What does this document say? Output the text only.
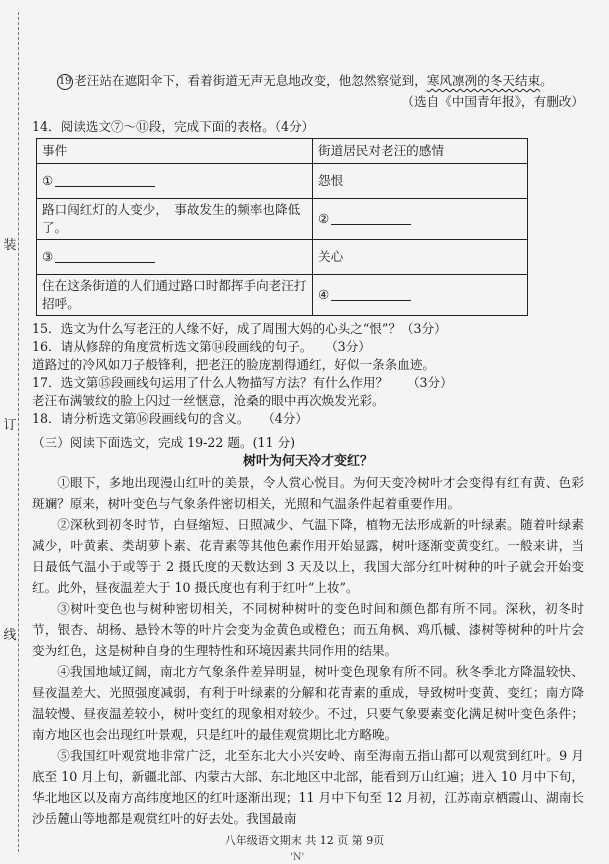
装
订
线

19 老汪站在遮阳伞下，看着街道无声无息地改变，他忽然察觉到，寒风凛冽的冬天结束。

（选自《中国青年报》，有删改）

14．阅读选文⑦～⑪段，完成下面的表格。（4分）

事件	街道居民对老汪的感情
①	怨恨
路口闯红灯的人变少，　事故发生的频率也降低了。	②
③	关心
住在这条街道的人们通过路口时都挥手向老汪打招呼。	④

15．选文为什么写老汪的人缘不好，成了周围大妈的心头之“恨”？（3分）

16．请从修辞的角度赏析选文第⑭段画线的句子。　　（3分）

道路过的冷风如刀子般锋利，把老汪的脸庞割得通红，好似一条条血迹。

17．选文第⑮段画线句运用了什么人物描写方法？有什么作用？　　（3分）

老汪布满皱纹的脸上闪过一丝惬意，沧桑的眼中再次焕发光彩。

18．请分析选文第⑯段画线句的含义。　　（4分）

（三）阅读下面选文，完成 19-22 题。(11 分)

树叶为何天冷才变红？

①眼下，多地出现漫山红叶的美景，令人赏心悦目。为何天变冷树叶才会变得有红有黄、色彩斑斓？原来，树叶变色与气象条件密切相关，光照和气温条件起着重要作用。

②深秋到初冬时节，白昼缩短、日照减少、气温下降，植物无法形成新的叶绿素。随着叶绿素减少，叶黄素、类胡萝卜素、花青素等其他色素作用开始显露，树叶逐渐变黄变红。一般来讲，当日最低气温小于或等于 2 摄氏度的天数达到 3 天及以上，我国大部分红叶树种的叶子就会开始变红。此外，昼夜温差大于 10 摄氏度也有利于红叶“上妆”。

③树叶变色也与树种密切相关，不同树种树叶的变色时间和颜色都有所不同。深秋，初冬时节，银杏、胡杨、悬铃木等的叶片会变为金黄色或橙色；而五角枫、鸡爪槭、漆树等树种的叶片会变为红色，这是树种自身的生理特性和环境因素共同作用的结果。

④我国地域辽阔，南北方气象条件差异明显，树叶变色现象有所不同。秋冬季北方降温较快、昼夜温差大、光照强度减弱，有利于叶绿素的分解和花青素的重成，导致树叶变黄、变红；南方降温较慢、昼夜温差较小，树叶变红的现象相对较少。不过，只要气象要素变化满足树叶变色条件；南方地区也会出现红叶景观，只是红叶的最佳观赏期比北方略晚。

⑤我国红叶观赏地非常广泛，北至东北大小兴安岭、南至海南五指山都可以观赏到红叶。9 月底至 10 月上旬，新疆北部、内蒙古大部、东北地区中北部，能看到万山红遍；进入 10 月中下旬，华北地区以及南方高纬度地区的红叶逐渐出现；11 月中下旬至 12 月初，江苏南京栖霞山、湖南长沙岳麓山等地都是观赏红叶的好去处。我国最南

八年级语文期末 共 12 页 第 9页
'N'
